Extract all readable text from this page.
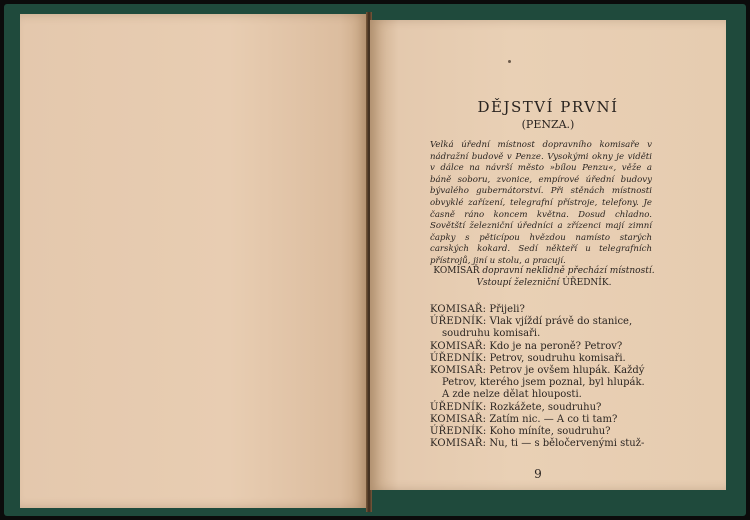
DĚJSTVÍ PRVNÍ
(PENZA.)
Velká úřední místnost dopravního komisaře v nádražní budově v Penze. Vysokými okny je viděti v dálce na návrší město »bílou Penzu«, věže a báně soboru, zvonice, empírové úřední budovy bývalého gubernátorství. Při stěnách místnosti obvyklé zařízení, telegrafní přístroje, telefony. Je časně ráno koncem května. Dosud chladno. Sovětští železniční úředníci a zřízenci mají zimní čapky s pěticípou hvězdou namísto starých carských kokard. Sedí někteří u telegrafních přístrojů, jiní u stolu, a pracují.
KOMISAŘ dopravní neklidně přechází místností.
Vstoupí železniční ÚŘEDNÍK.

KOMISAŘ: Přijeli?

ÚŘEDNÍK: Vlak vjíždí právě do stanice,

soudruhu komisaři.

KOMISAŘ: Kdo je na peroně? Petrov?

ÚŘEDNÍK: Petrov, soudruhu komisaři.

KOMISAŘ: Petrov je ovšem hlupák. Každý

Petrov, kterého jsem poznal, byl hlupák.

A zde nelze dělat hlouposti.

ÚŘEDNÍK: Rozkážete, soudruhu?

KOMISAŘ: Zatím nic. — A co ti tam?

ÚŘEDNÍK: Koho míníte, soudruhu?

KOMISAŘ: Nu, ti — s běločervenými stuž-

9
